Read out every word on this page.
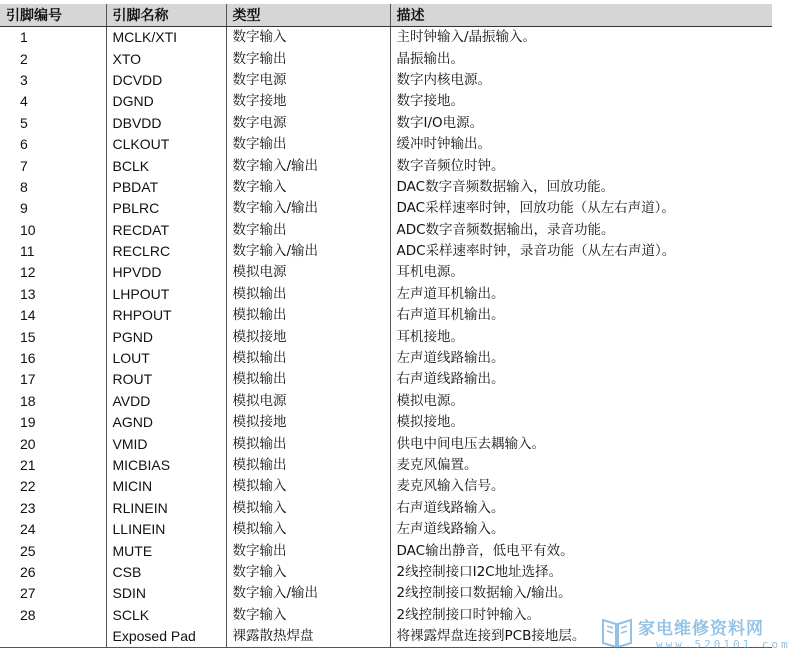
引脚编号	引脚名称	类型	描述
1	MCLK/XTI	数字输入	主时钟输入/晶振输入。
2	XTO	数字输出	晶振输出。
3	DCVDD	数字电源	数字内核电源。
4	DGND	数字接地	数字接地。
5	DBVDD	数字电源	数字I/O电源。
6	CLKOUT	数字输出	缓冲时钟输出。
7	BCLK	数字输入/输出	数字音频位时钟。
8	PBDAT	数字输入	DAC数字音频数据输入，回放功能。
9	PBLRC	数字输入/输出	DAC采样速率时钟，回放功能（从左右声道）。
10	RECDAT	数字输出	ADC数字音频数据输出，录音功能。
11	RECLRC	数字输入/输出	ADC采样速率时钟，录音功能（从左右声道）。
12	HPVDD	模拟电源	耳机电源。
13	LHPOUT	模拟输出	左声道耳机输出。
14	RHPOUT	模拟输出	右声道耳机输出。
15	PGND	模拟接地	耳机接地。
16	LOUT	模拟输出	左声道线路输出。
17	ROUT	模拟输出	右声道线路输出。
18	AVDD	模拟电源	模拟电源。
19	AGND	模拟接地	模拟接地。
20	VMID	模拟输出	供电中间电压去耦输入。
21	MICBIAS	模拟输出	麦克风偏置。
22	MICIN	模拟输入	麦克风输入信号。
23	RLINEIN	模拟输入	右声道线路输入。
24	LLINEIN	模拟输入	左声道线路输入。
25	MUTE	数字输出	DAC输出静音，低电平有效。
26	CSB	数字输入	2线控制接口I2C地址选择。
27	SDIN	数字输入/输出	2线控制接口数据输入/输出。
28	SCLK	数字输入	2线控制接口时钟输入。
	Exposed Pad	裸露散热焊盘	将裸露焊盘连接到PCB接地层。	家电维修资料网
www.520101.com
